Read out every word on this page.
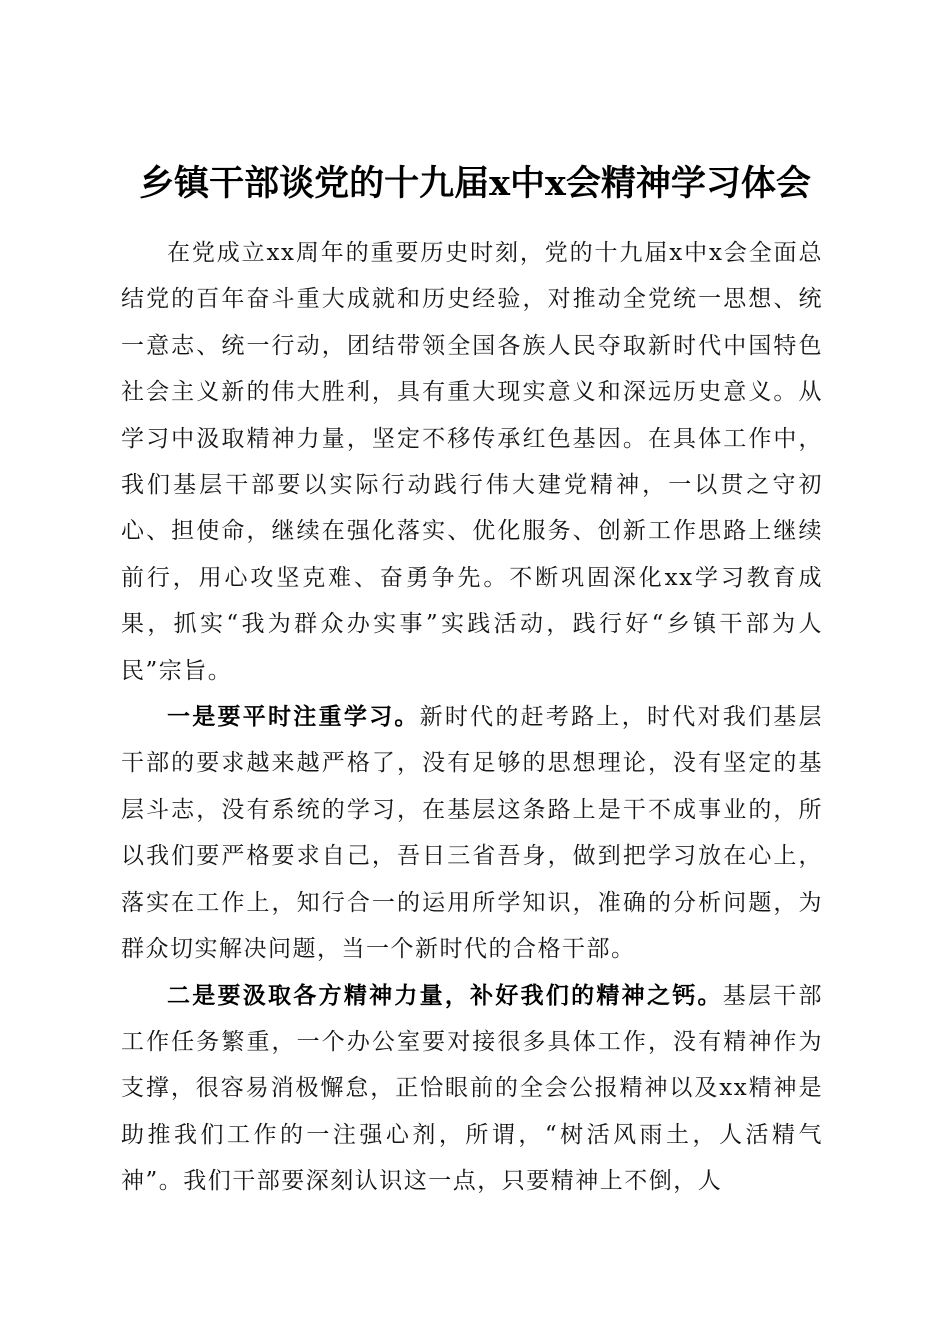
乡镇干部谈党的十九届x中x会精神学习体会

在党成立xx周年的重要历史时刻，党的十九届x中x会全面总结党的百年奋斗重大成就和历史经验，对推动全党统一思想、统一意志、统一行动，团结带领全国各族人民夺取新时代中国特色社会主义新的伟大胜利，具有重大现实意义和深远历史意义。从学习中汲取精神力量，坚定不移传承红色基因。在具体工作中，我们基层干部要以实际行动践行伟大建党精神，一以贯之守初心、担使命，继续在强化落实、优化服务、创新工作思路上继续前行，用心攻坚克难、奋勇争先。不断巩固深化xx学习教育成果，抓实“我为群众办实事”实践活动，践行好“乡镇干部为人民”宗旨。

一是要平时注重学习。新时代的赶考路上，时代对我们基层干部的要求越来越严格了，没有足够的思想理论，没有坚定的基层斗志，没有系统的学习，在基层这条路上是干不成事业的，所以我们要严格要求自己，吾日三省吾身，做到把学习放在心上，落实在工作上，知行合一的运用所学知识，准确的分析问题，为群众切实解决问题，当一个新时代的合格干部。

二是要汲取各方精神力量，补好我们的精神之钙。基层干部工作任务繁重，一个办公室要对接很多具体工作，没有精神作为支撑，很容易消极懈怠，正恰眼前的全会公报精神以及xx精神是助推我们工作的一注强心剂，所谓，“树活风雨土，人活精气神”。我们干部要深刻认识这一点，只要精神上不倒，人
